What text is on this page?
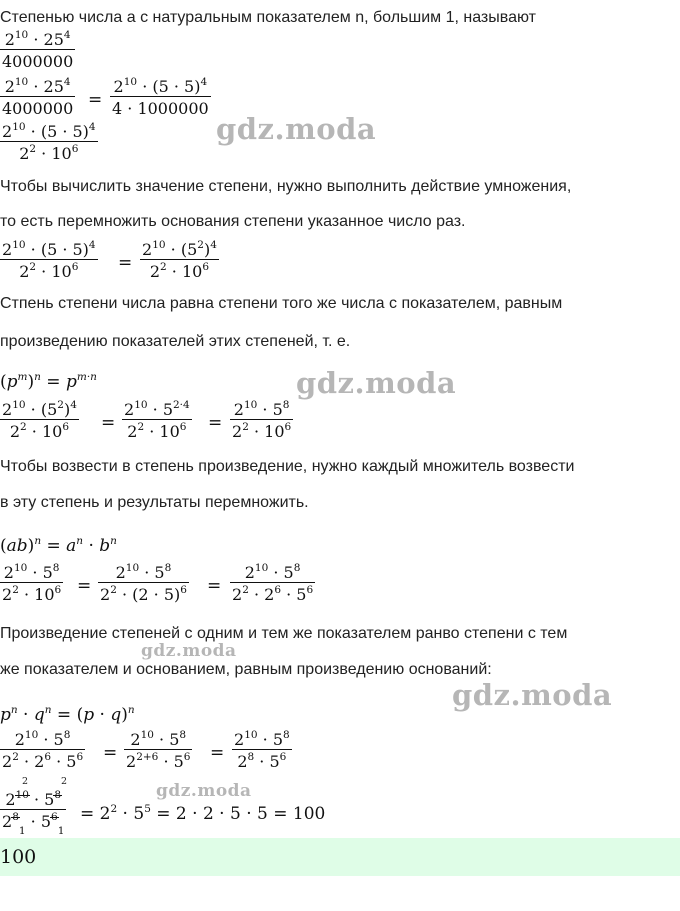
Степенью числа a с натуральным показателем n, большим 1, называют
$2^{10} \cdot 25^4$
4000000
$2^{10} \cdot 25^4$
4000000 =
$2^{10} \cdot (5 \cdot 5)^4$
4 · 1000000
$2^{10} \cdot (5 \cdot 5)^4$
$2^2 \cdot 10^6$
gdz.moda
Чтобы вычислить значение степени, нужно выполнить действие умножения,
то есть перемножить основания степени указанное число раз.
$2^{10} \cdot (5 \cdot 5)^4$
$2^2 \cdot 10^6$ =
$2^{10} \cdot (5^2)^4$
$2^2 \cdot 10^6$
Стпень степени числа равна степени того же числа с показателем, равным
произведению показателей этих степеней, т. е.
$(p^m)^n = p^{m\cdot n}$	gdz.moda
$2^{10} \cdot (5^2)^4$
$2^2 \cdot 10^6$ =
$2^{10} \cdot 5^{2\cdot 4}$
$2^2 \cdot 10^6$ =
$2^{10} \cdot 5^8$
$2^2 \cdot 10^6$
Чтобы возвести в степень произведение, нужно каждый множитель возвести
в эту степень и результаты перемножить.
$(ab)^n = a^n \cdot b^n$
$2^{10} \cdot 5^8$
$2^2 \cdot 10^6$ =
$2^{10} \cdot 5^8$
$2^2 \cdot (2 \cdot 5)^6$ =
$2^{10} \cdot 5^8$
$2^2 \cdot 2^6 \cdot 5^6$
Произведение степеней с одним и тем же показателем ранво степени с тем
gdz.moda
же показателем и основанием, равным произведению оснований:
gdz.moda
$p^n \cdot q^n = (p \cdot q)^n$
$2^{10} \cdot 5^8$
$2^2 \cdot 2^6 \cdot 5^6$ =
$2^{10} \cdot 5^8$
$2^{2+6} \cdot 5^6$ =
$2^{10} \cdot 5^8$
$2^8 \cdot 5^6$
gdz.moda
2	2
$2^{10} \cdot 5^8$
$2^8_1 \cdot 5^6_1$
= $2^2 \cdot 5^5 = 2 \cdot 2 \cdot 5 \cdot 5 = 100$
100
